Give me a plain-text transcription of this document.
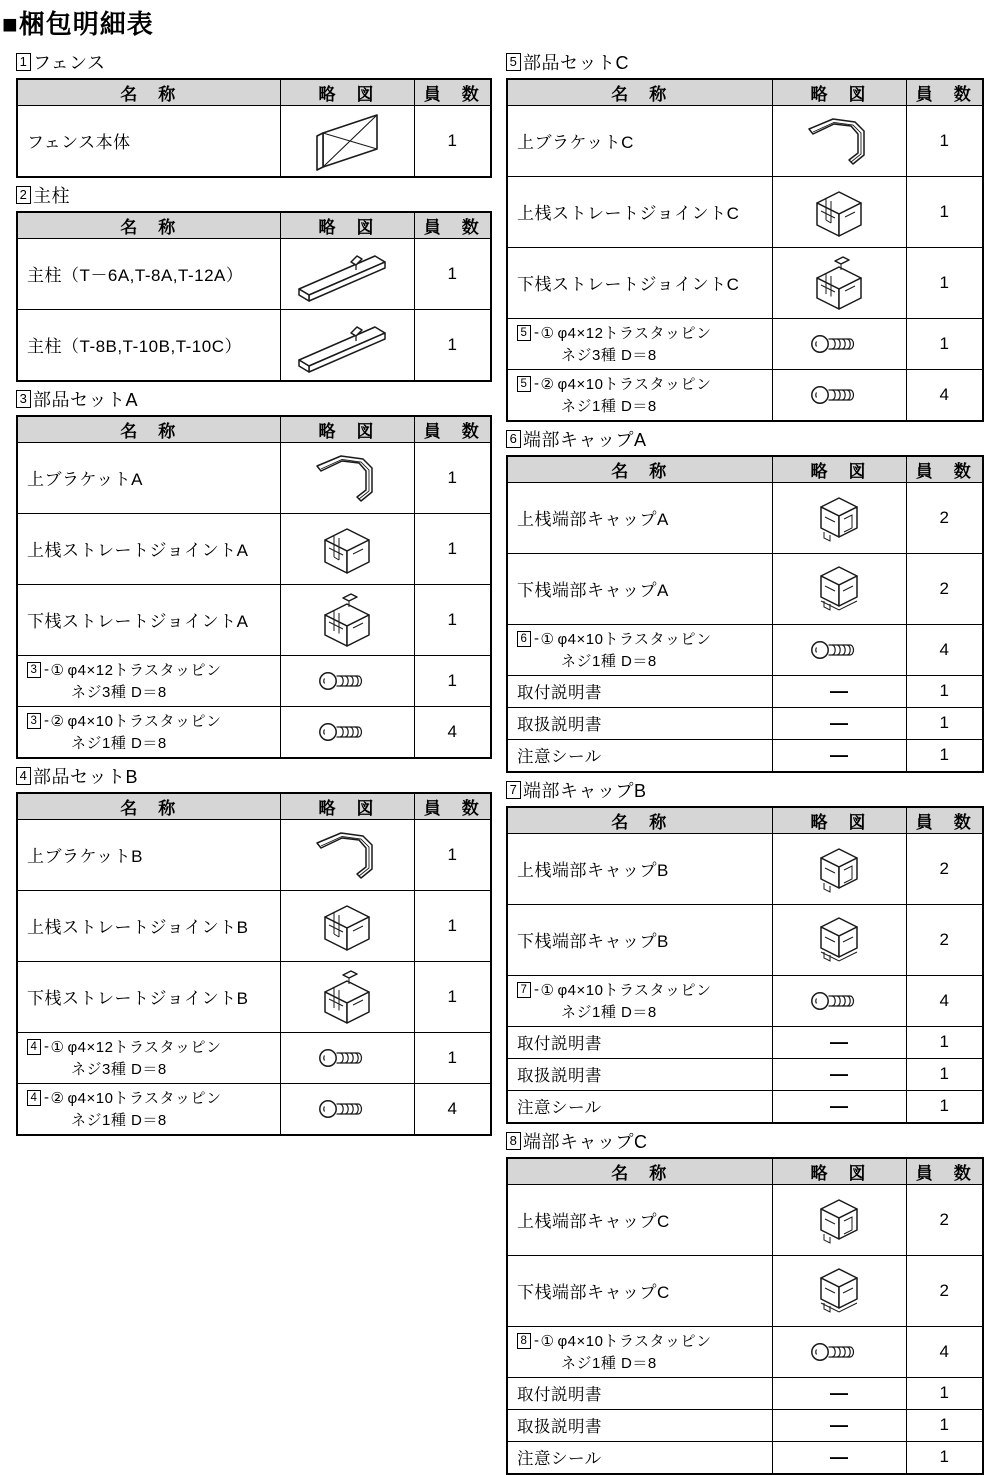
■ 梱包明細表
1 フェンス
名　称	略　図	員　数
フェンス本体		1
2 主柱
名　称	略　図	員　数
主柱（T－6A,T-8A,T-12A）		1
主柱（T-8B,T-10B,T-10C）		1
3 部品セットA
名　称	略　図	員　数
上ブラケットA		1
上桟ストレートジョイントA		1
下桟ストレートジョイントA		1

3 - ① φ4×12トラスタッピン
ネジ3種 D＝8		1

3 - ② φ4×10トラスタッピン
ネジ1種 D＝8		4
4 部品セットB
名　称	略　図	員　数
上ブラケットB		1
上桟ストレートジョイントB		1
下桟ストレートジョイントB		1

4 - ① φ4×12トラスタッピン
ネジ3種 D＝8		1

4 - ② φ4×10トラスタッピン
ネジ1種 D＝8		4
5 部品セットC
名　称	略　図	員　数
上ブラケットC		1
上桟ストレートジョイントC		1
下桟ストレートジョイントC		1

5 - ① φ4×12トラスタッピン
ネジ3種 D＝8		1

5 - ② φ4×10トラスタッピン
ネジ1種 D＝8		4
6 端部キャップA
名　称	略　図	員　数
上桟端部キャップA		2
下桟端部キャップA		2

6 - ① φ4×10トラスタッピン
ネジ1種 D＝8		4
取付説明書	—	1
取扱説明書	—	1
注意シール	—	1
7 端部キャップB
名　称	略　図	員　数
上桟端部キャップB		2
下桟端部キャップB		2

7 - ① φ4×10トラスタッピン
ネジ1種 D＝8		4
取付説明書	—	1
取扱説明書	—	1
注意シール	—	1
8 端部キャップC
名　称	略　図	員　数
上桟端部キャップC		2
下桟端部キャップC		2

8 - ① φ4×10トラスタッピン
ネジ1種 D＝8		4
取付説明書	—	1
取扱説明書	—	1
注意シール	—	1
